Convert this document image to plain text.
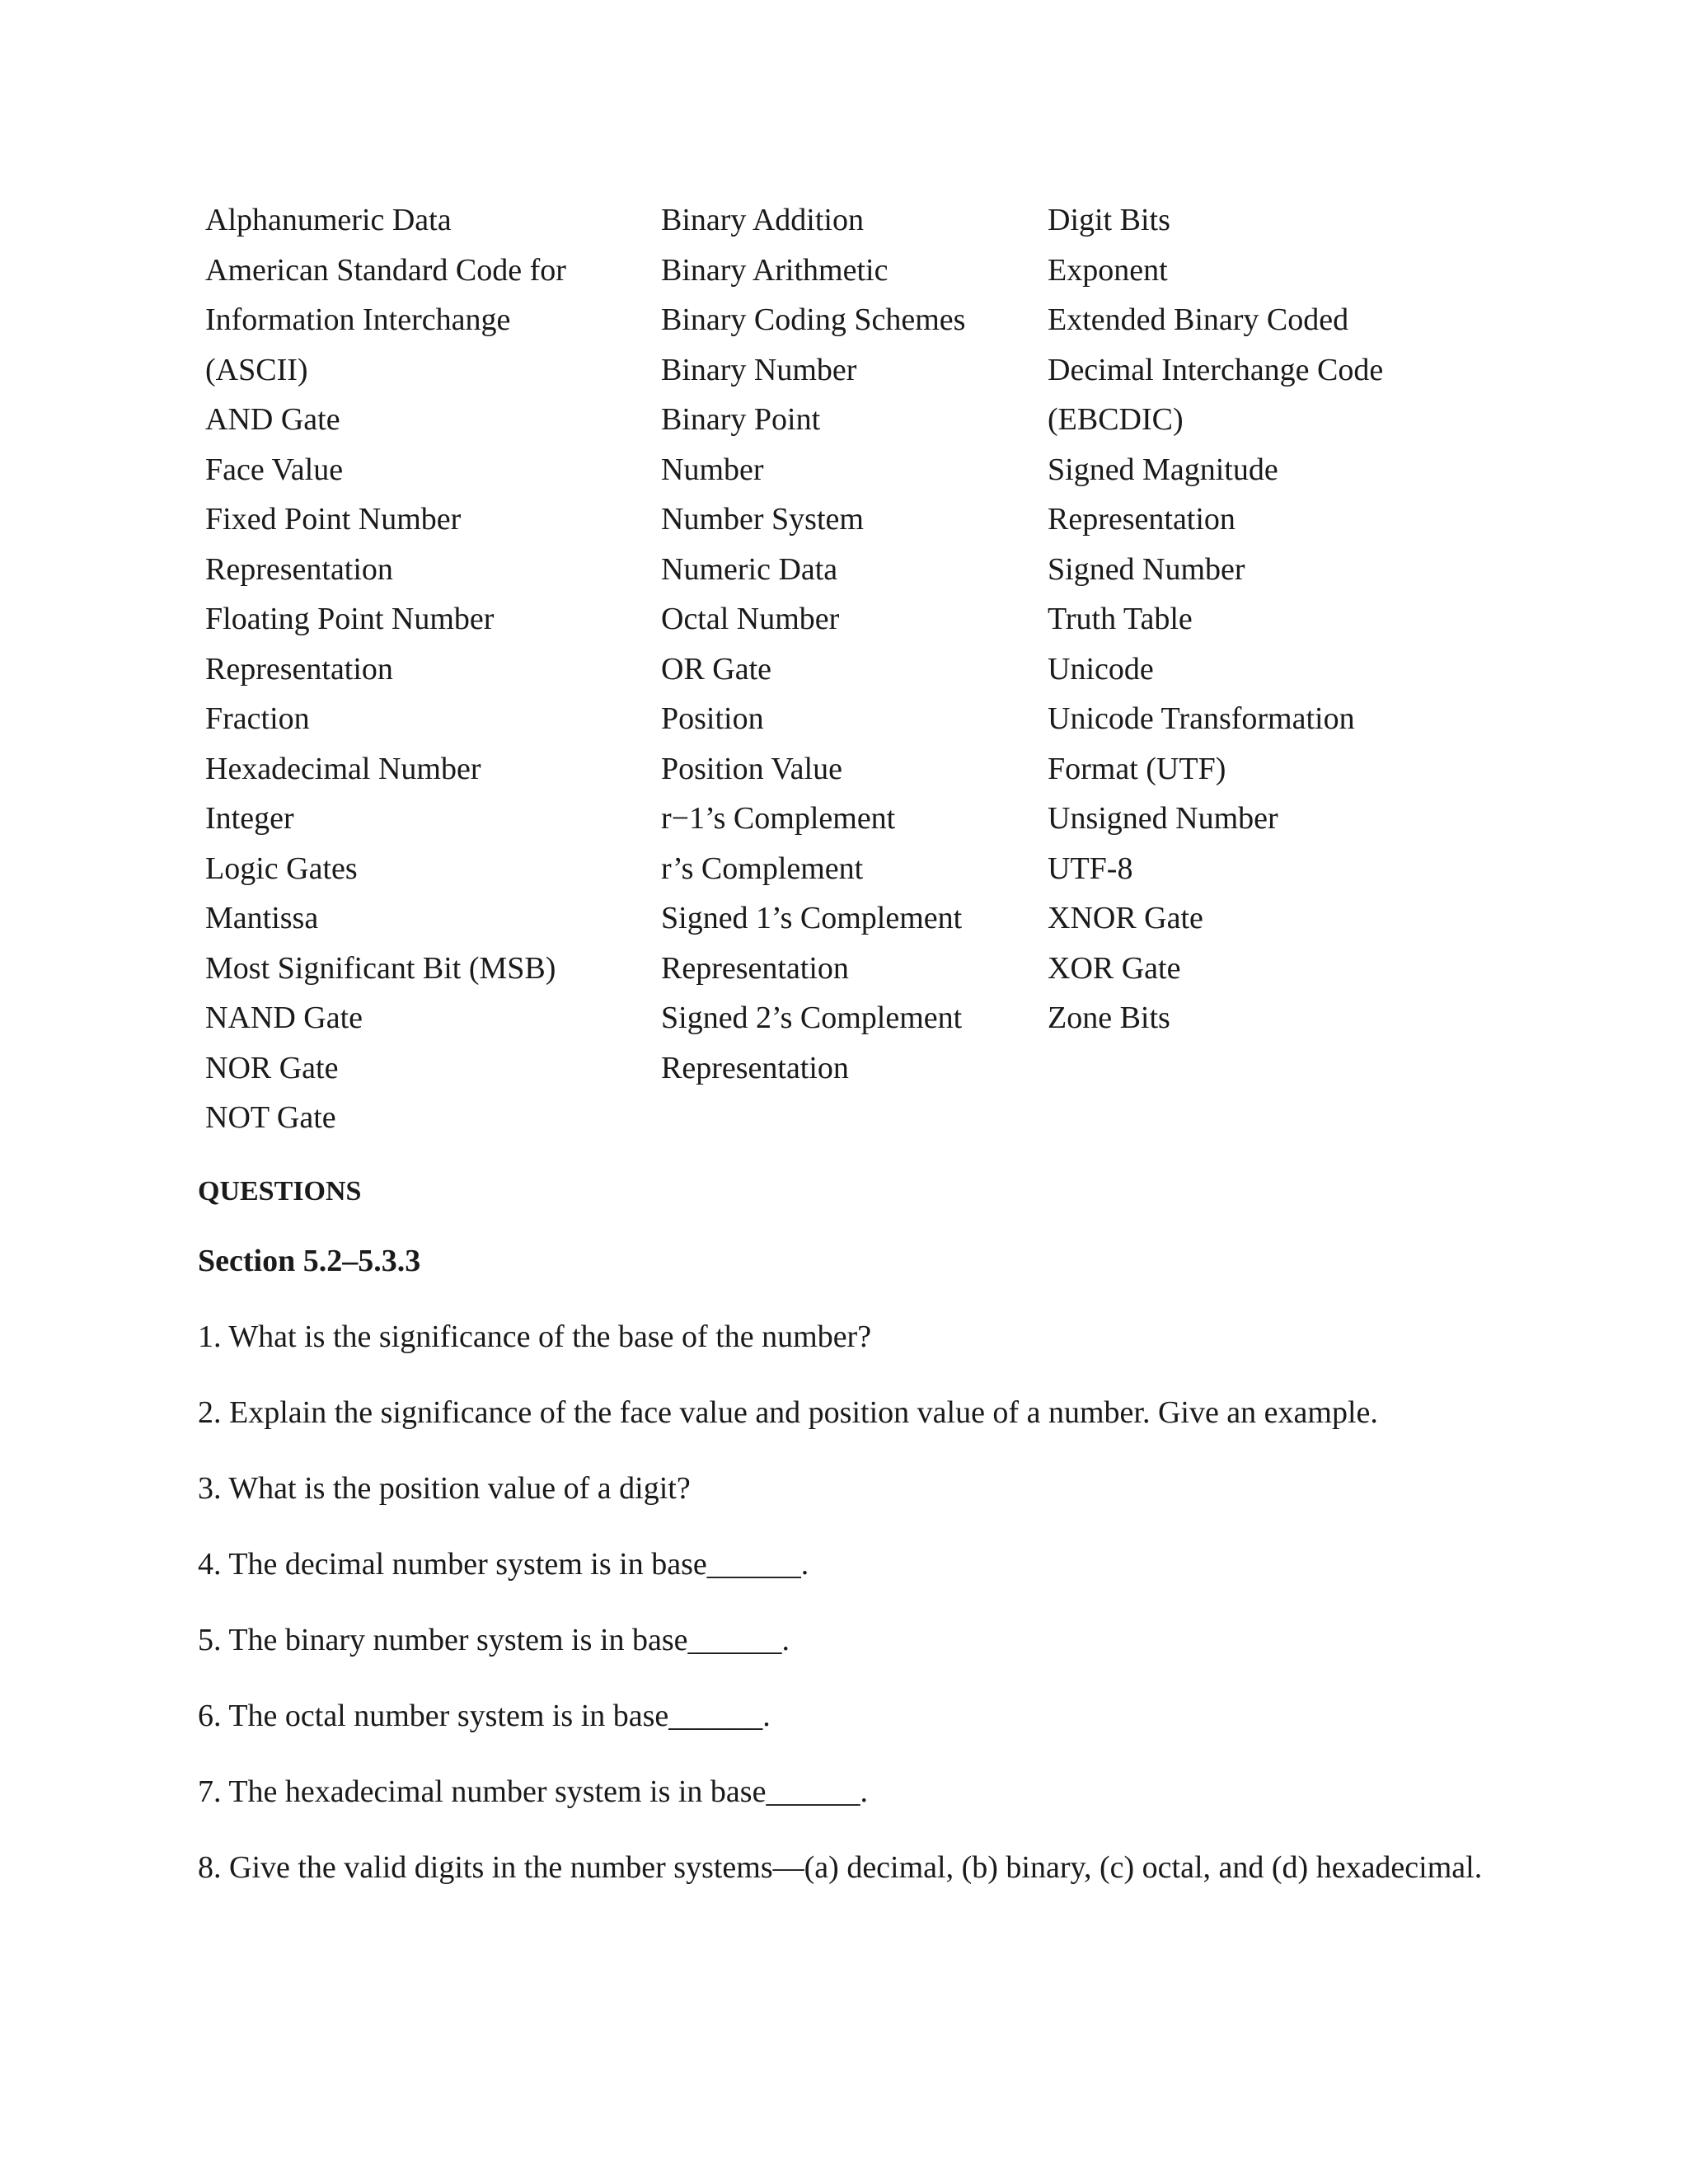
Alphanumeric Data
American Standard Code for
Information Interchange
(ASCII)
AND Gate
Face Value
Fixed Point Number
Representation
Floating Point Number
Representation
Fraction
Hexadecimal Number
Integer
Logic Gates
Mantissa
Most Significant Bit (MSB)
NAND Gate
NOR Gate
NOT Gate
Binary Addition
Binary Arithmetic
Binary Coding Schemes
Binary Number
Binary Point
Number
Number System
Numeric Data
Octal Number
OR Gate
Position
Position Value
r−1’s Complement
r’s Complement
Signed 1’s Complement
Representation
Signed 2’s Complement
Representation
Digit Bits
Exponent
Extended Binary Coded
Decimal Interchange Code
(EBCDIC)
Signed Magnitude
Representation
Signed Number
Truth Table
Unicode
Unicode Transformation
Format (UTF)
Unsigned Number
UTF-8
XNOR Gate
XOR Gate
Zone Bits
QUESTIONS
Section 5.2–5.3.3
1. What is the significance of the base of the number?
2. Explain the significance of the face value and position value of a number. Give an example.
3. What is the position value of a digit?
4. The decimal number system is in base______.
5. The binary number system is in base______.
6. The octal number system is in base______.
7. The hexadecimal number system is in base______.
8. Give the valid digits in the number systems—(a) decimal, (b) binary, (c) octal, and (d) hexadecimal.
